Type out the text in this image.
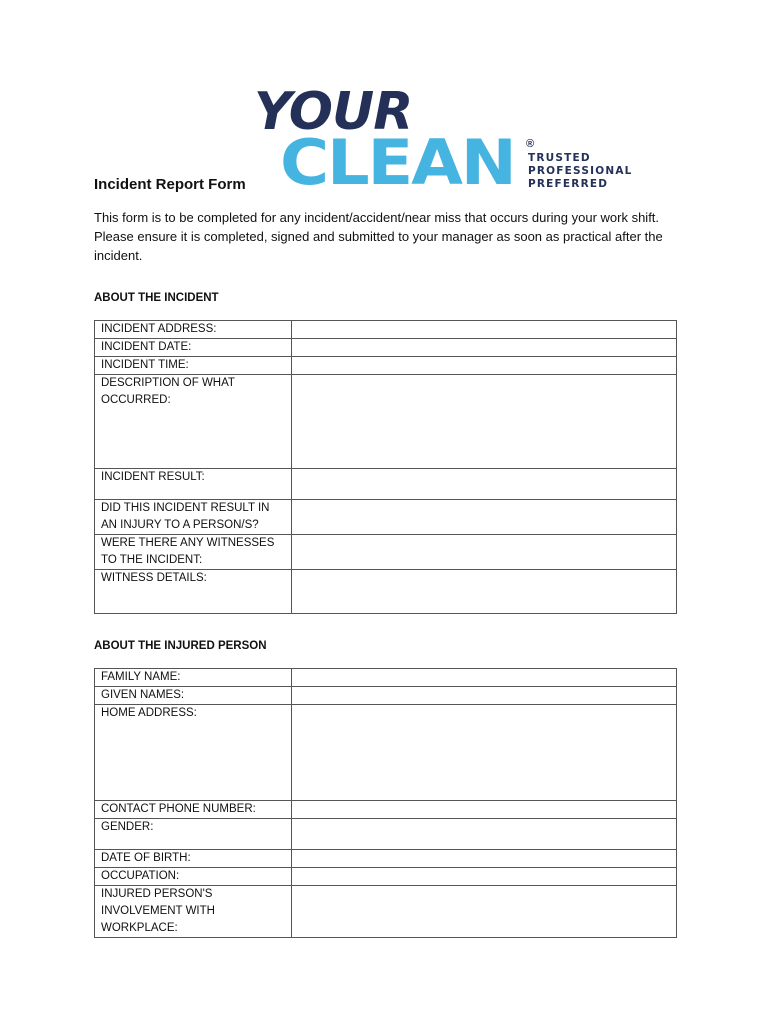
YOUR
CLEAN ®
TRUSTED
PROFESSIONAL
PREFERRED
Incident Report Form
This form is to be completed for any incident/accident/near miss that occurs during your work shift. Please ensure it is completed, signed and submitted to your manager as soon as practical after the incident.
ABOUT THE INCIDENT
INCIDENT ADDRESS:	

INCIDENT DATE:	

INCIDENT TIME:	

DESCRIPTION OF WHAT
OCCURRED:	

INCIDENT RESULT:	

DID THIS INCIDENT RESULT IN
AN INJURY TO A PERSON/S?	

WERE THERE ANY WITNESSES
TO THE INCIDENT:	

WITNESS DETAILS:	

ABOUT THE INJURED PERSON
FAMILY NAME:	

GIVEN NAMES:	

HOME ADDRESS:	

CONTACT PHONE NUMBER:	

GENDER:	

DATE OF BIRTH:	

OCCUPATION:	

INJURED PERSON'S
INVOLVEMENT WITH
WORKPLACE:	
